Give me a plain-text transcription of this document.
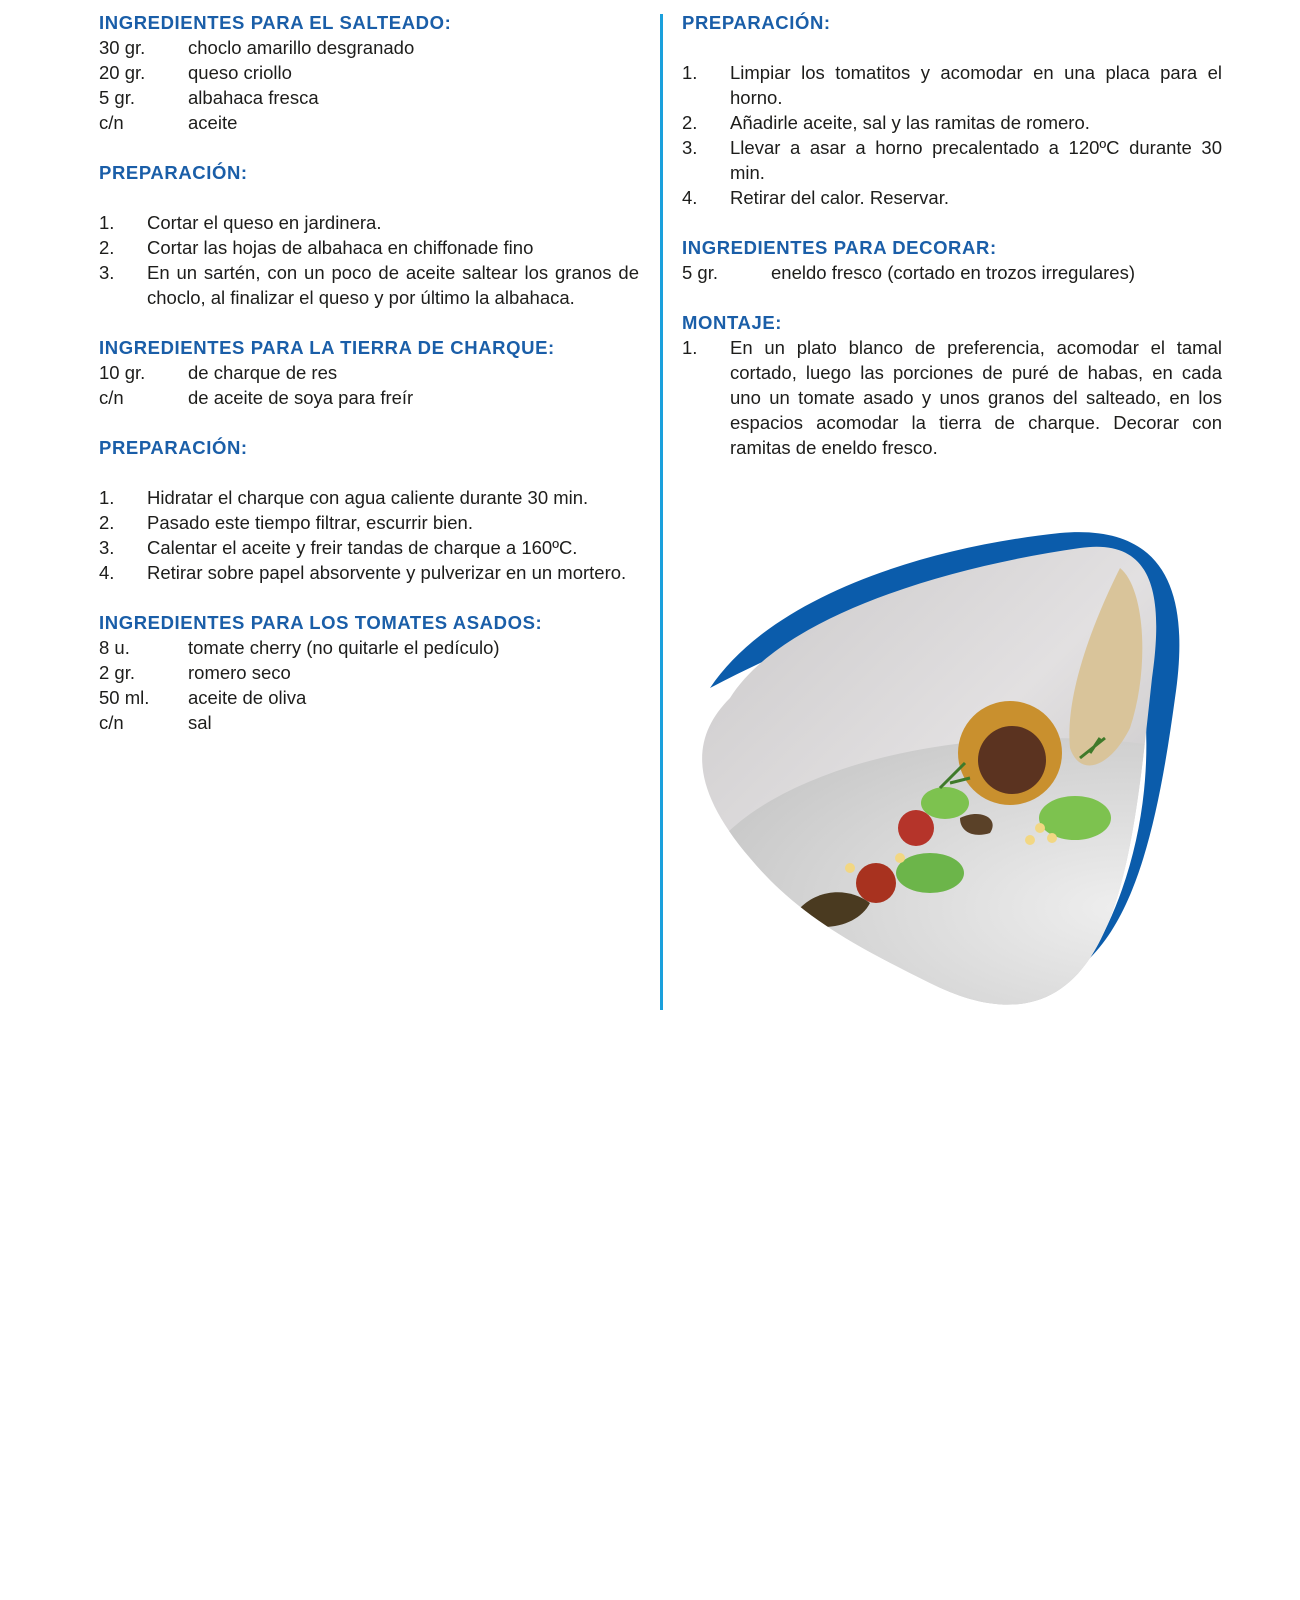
INGREDIENTES PARA EL SALTEADO:
30 gr.	choclo amarillo desgranado
20 gr.	queso criollo
5 gr.	albahaca fresca
c/n	aceite
PREPARACIÓN:
1.	Cortar el queso en jardinera.
2.	Cortar las hojas de albahaca en chiffonade fino
3.	En un sartén, con un poco de aceite saltear los granos de choclo, al finalizar el queso y por último la albahaca.
INGREDIENTES PARA LA TIERRA DE CHARQUE:
10 gr.	de charque de res
c/n	de aceite de soya para freír
PREPARACIÓN:
1.	Hidratar el charque con agua caliente durante 30 min.
2.	Pasado este tiempo filtrar, escurrir bien.
3.	Calentar el aceite y freir tandas de charque a 160ºC.
4.	Retirar sobre papel absorvente y pulverizar en un mortero.
INGREDIENTES PARA LOS TOMATES ASADOS:
8 u.	tomate cherry (no quitarle el pedículo)
2 gr.	romero seco
50 ml.	aceite de oliva
c/n	sal
PREPARACIÓN:
1.	Limpiar los tomatitos y acomodar en una placa para el horno.
2.	Añadirle aceite, sal y las ramitas de romero.
3.	Llevar a asar a horno precalentado a 120ºC durante 30 min.
4.	Retirar del calor. Reservar.
INGREDIENTES PARA DECORAR:
5 gr.	eneldo fresco (cortado en trozos irregulares)
MONTAJE:
1.	En un plato blanco de preferencia, acomodar el tamal cortado, luego las porciones de puré de habas, en cada uno un tomate asado y unos granos del salteado, en los espacios acomodar la tierra de charque. Decorar con ramitas de eneldo fresco.
